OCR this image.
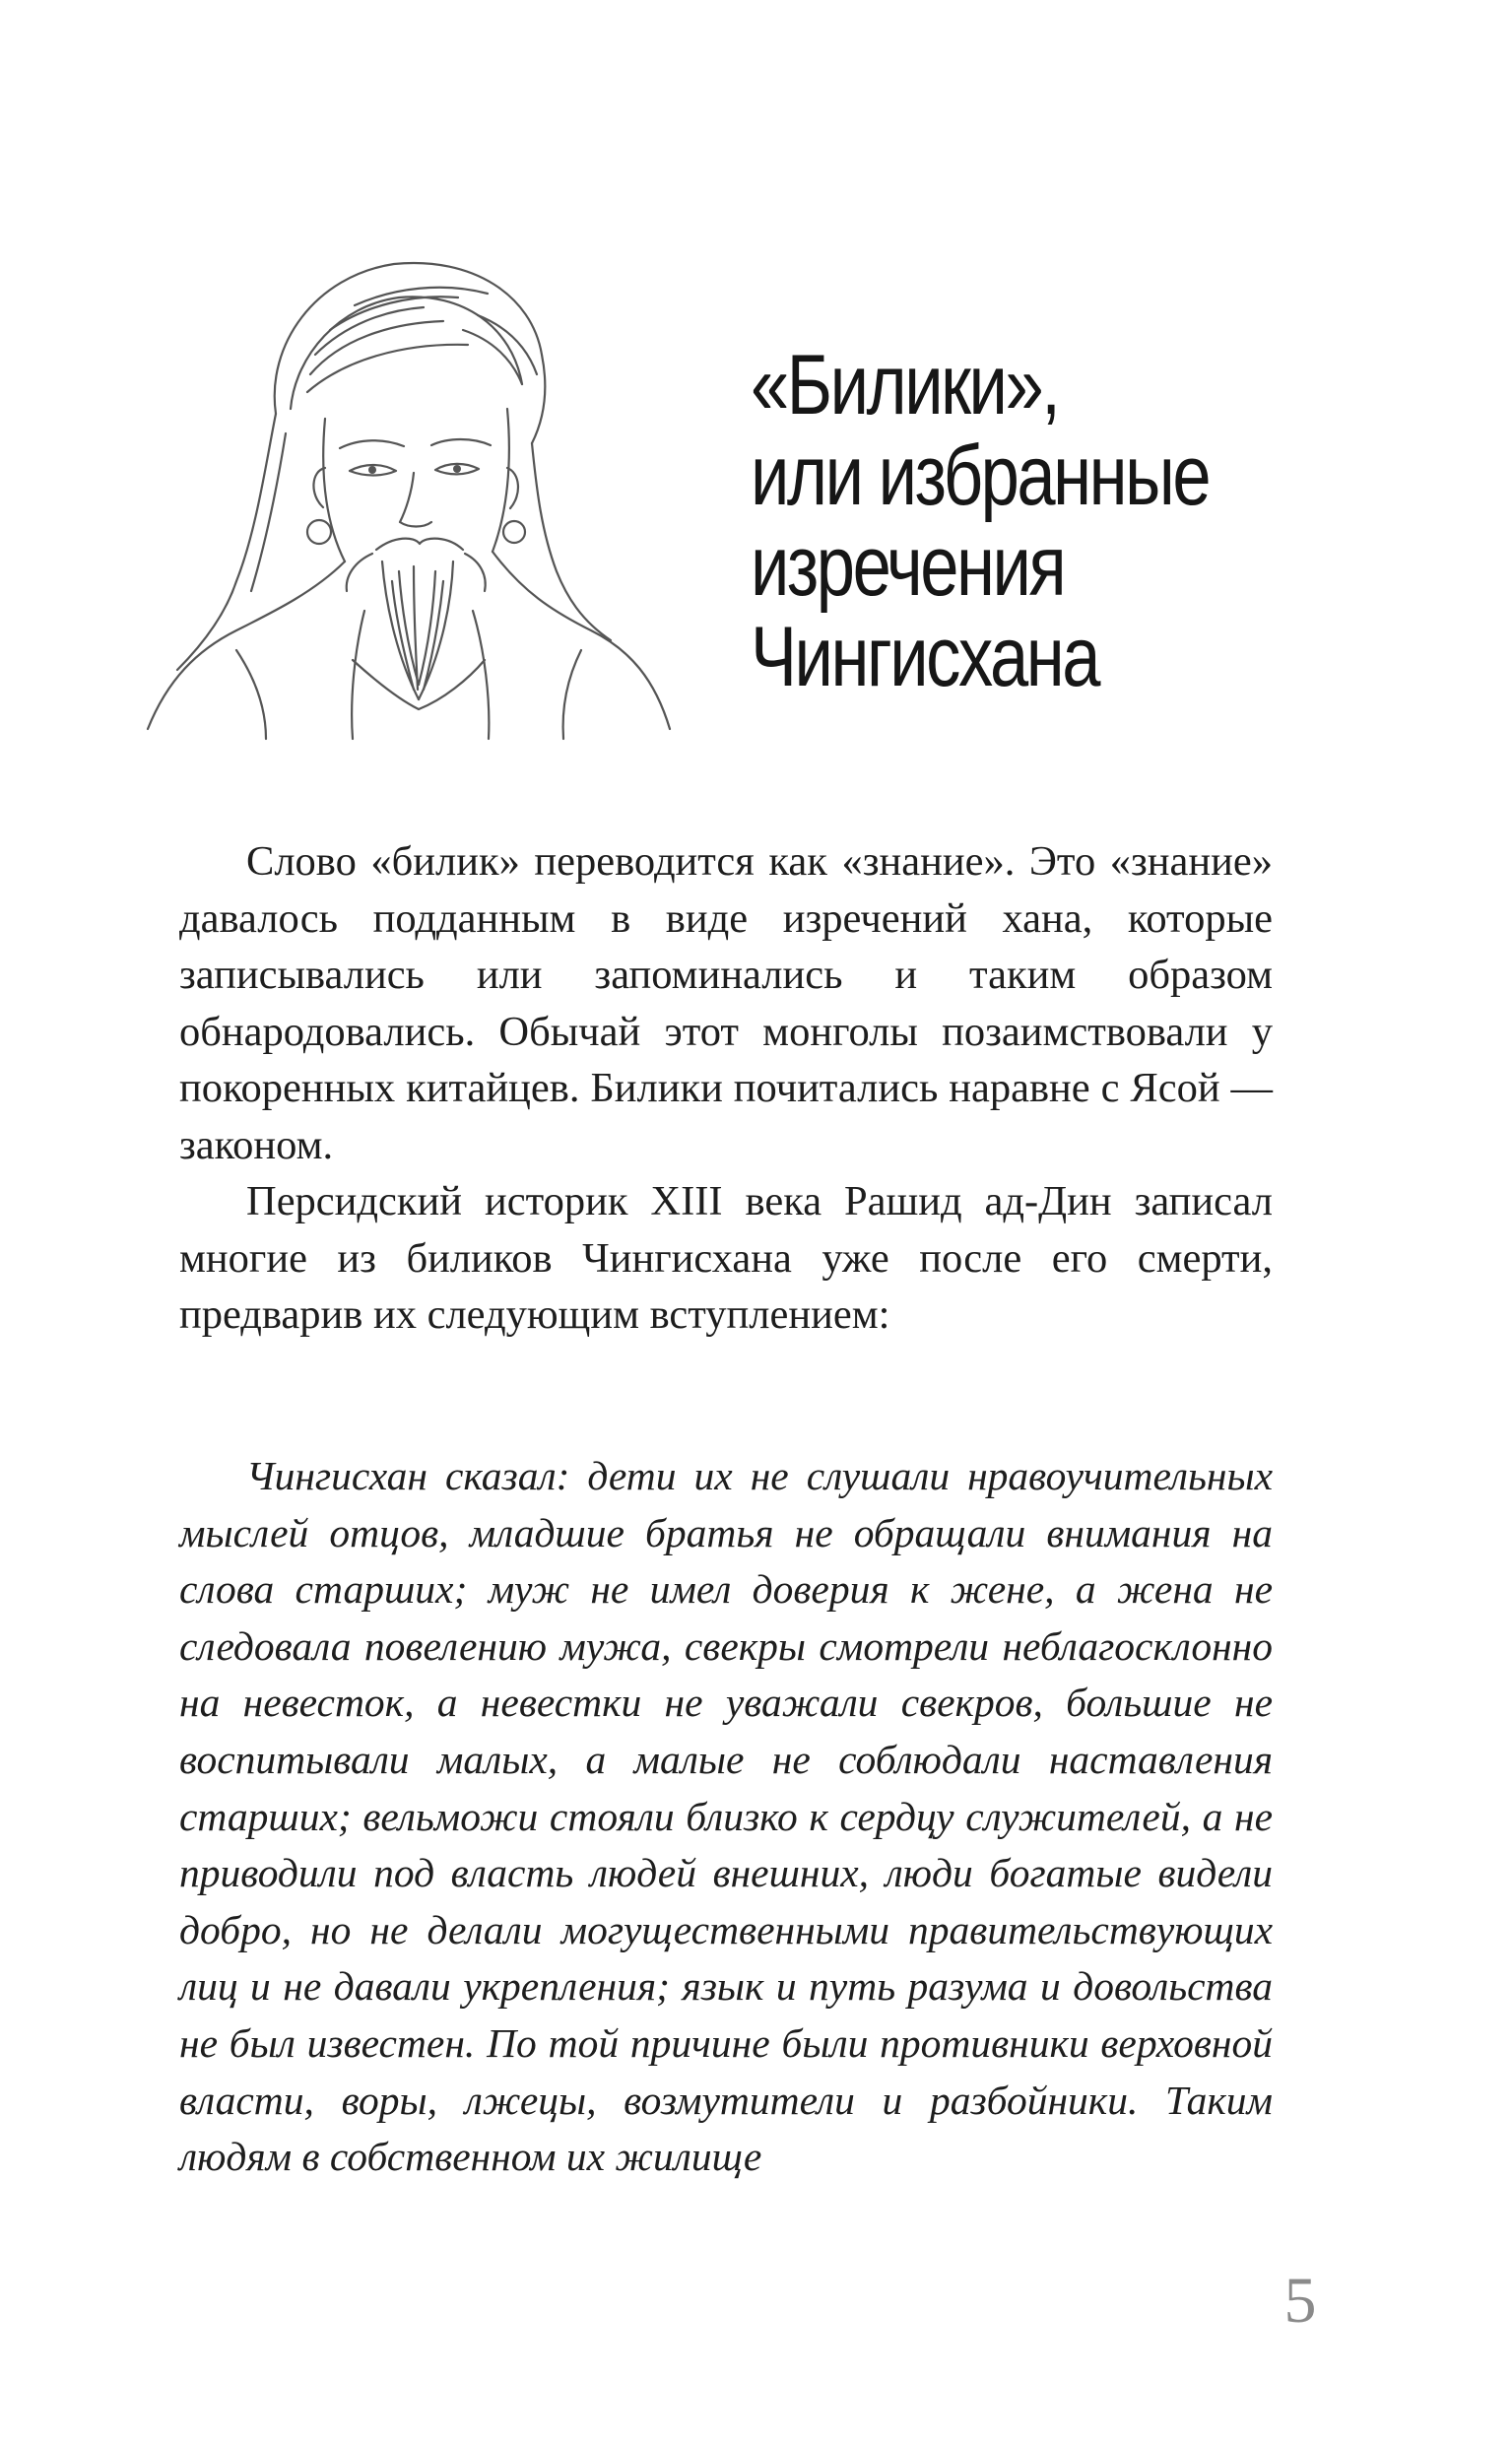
«Билики»,
или избранные
изречения
Чингисхана

Слово «билик» переводится как «знание». Это «знание» давалось подданным в виде изречений хана, которые записывались или запоминались и таким образом обнародовались. Обычай этот монголы позаимствовали у покоренных китайцев. Билики почитались наравне с Ясой — законом.

Персидский историк XIII века Рашид ад-Дин записал многие из биликов Чингисхана уже после его смерти, предварив их следующим вступлением:

Чингисхан сказал: дети их не слушали нравоучительных мыслей отцов, младшие братья не обращали внимания на слова старших; муж не имел доверия к жене, а жена не следовала повелению мужа, свекры смотрели неблагосклонно на невесток, а невестки не уважали свекров, большие не воспитывали малых, а малые не соблюдали наставления старших; вельможи стояли близко к сердцу служителей, а не приводили под власть людей внешних, люди богатые видели добро, но не делали могущественными правительствующих лиц и не давали укрепления; язык и путь разума и довольства не был известен. По той причине были противники верховной власти, воры, лжецы, возмутители и разбойники. Таким людям в собственном их жилище

5
